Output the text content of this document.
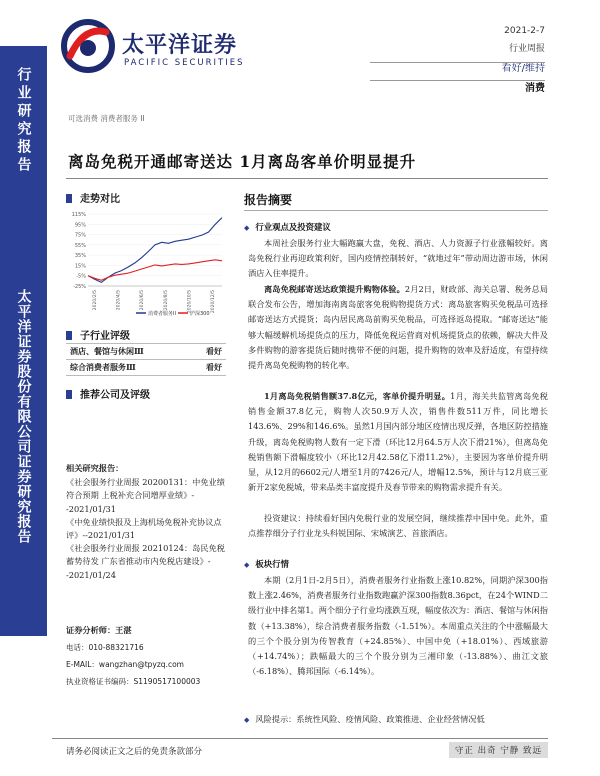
行业研究报告
太平洋证券股份有限公司证券研究报告
太平洋证券
PACIFIC SECURITIES
2021-2-7
行业周报
看好/维持
消费
可选消费 消费者服务 II
离岛免税开通邮寄送达 1月离岛客单价明显提升
走势对比
115%
95%
75%
55%
35%
15%
-5%
-25%
2020/2/5	2020/4/5	2020/6/5	2020/8/5	2020/10/5	2020/12/5
消费者服务II	沪深300
子行业评级
酒店、餐馆与休闲Ⅲ	看好
综合消费者服务Ⅲ	看好
推荐公司及评级
相关研究报告：
《社会服务行业周报 20200131：中免业绩符合预期 上税补充合同增厚业绩》--2021/01/31
《中免业绩快报及上海机场免税补充协议点评》--2021/01/31
《社会服务行业周报 20210124：岛民免税蓄势待发 广东省推动市内免税店建设》--2021/01/24
证券分析师：王湛
电话：010-88321716
E-MAIL：wangzhan@tpyzq.com
执业资格证书编码：S1190517100003
报告摘要
◆ 行业观点及投资建议
本周社会服务行业大幅跑赢大盘，免税、酒店、人力资源子行业涨幅较好。离岛免税行业再迎政策利好，国内疫情控制转好，“就地过年”带动周边游市场，休闲酒店入住率提升。
离岛免税邮寄送达政策提升购物体验。2月2日，财政部、海关总署、税务总局联合发布公告，增加海南离岛旅客免税购物提货方式：离岛旅客购买免税品可选择邮寄送达方式提货；岛内居民离岛前购买免税品，可选择返岛提取。“邮寄送达”能够大幅缓解机场提货点的压力，降低免税运营商对机场提货点的依赖，解决大件及多件购物的游客提货后随时携带不便的问题，提升购物的效率及舒适度，有望持续提升离岛免税购物的转化率。
1月离岛免税销售额37.8亿元，客单价提升明显。1月，海关共监管离岛免税销售金额37.8亿元，购物人次50.9万人次，销售件数511万件，同比增长143.6%、29%和146.6%。虽然1月国内部分地区疫情出现反弹，各地区防控措施升级，离岛免税购物人数有一定下滑（环比12月64.5万人次下滑21%），但离岛免税销售额下滑幅度较小（环比12月42.58亿下滑11.2%），主要因为客单价提升明显，从12月的6602元/人增至1月的7426元/人，增幅12.5%，预计与12月底三亚新开2家免税城，带来品类丰富度提升及春节带来的购物需求提升有关。
投资建议：持续看好国内免税行业的发展空间，继续推荐中国中免。此外，重点推荐细分子行业龙头科锐国际、宋城演艺、首旅酒店。
◆ 板块行情
本期（2月1日-2月5日），消费者服务行业指数上涨10.82%，同期沪深300指数上涨2.46%，消费者服务行业指数跑赢沪深300指数8.36pct，在24个WIND二级行业中排名第1。两个细分子行业均涨跌互现，幅度依次为：酒店、餐馆与休闲指数（+13.38%），综合消费者服务指数（-1.51%）。本周重点关注的个中涨幅最大的三个个股分别为传智教育（+24.85%）、中国中免（+18.01%）、西域旅游（+14.74%）；跌幅最大的三个个股分别为三湘印象（-13.88%）、曲江文旅（-6.18%）、腾邦国际（-6.14%）。
◆ 风险提示：系统性风险、疫情风险、政策推进、企业经营情况低
请务必阅读正文之后的免责条款部分	守正 出奇 宁静 致远
